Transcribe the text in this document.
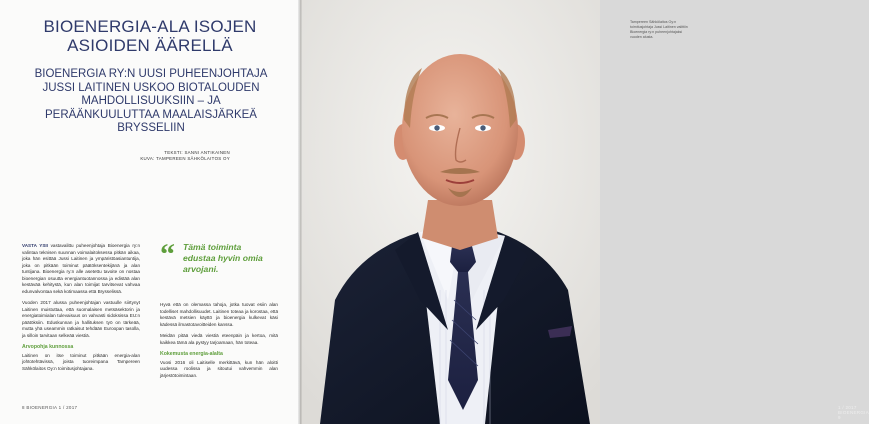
BIOENERGIA-ALA ISOJEN ASIOIDEN ÄÄRELLÄ
BIOENERGIA RY:N UUSI PUHEENJOHTAJA JUSSI LAITINEN USKOO BIOTALOUDEN MAHDOLLISUUKSIIN – JA PERÄÄNKUULUTTAA MAALAISJÄRKEÄ BRYSSELIIN
TEKSTI: SANNI ANTIKAINEN
KUVA: TAMPEREEN SÄHKÖLAITOS OY

VASTA YSII vastavalittu puheenjohtaja Bioenergia ry:n valintaa teknisen suunnan voimalaitoksessa pitkän aikaa, joka hän esittää Jussi Laitinen ja ympäristöasiantuntija, joka on pitkään toiminut päätöksentekijänä ja alan tuntijana. Bioenergia ry:n alle asetettu tavoite on nostaa bioenergian osuutta energiantuotannossa ja edistää alan kestävää kehitystä, kun alan toimijat tarvitsevat vahvaa edunvalvontaa sekä kotimaassa että Brysselissä.

Vuoden 2017 alussa puheenjohtajan vastuulle siirtynyt Laitinen muistuttaa, että suomalaisen metsäsektorin ja energiatoimialan tulevaisuus on vahvasti sidoksissa EU:n päätöksiin. Eduskunnan ja hallituksen työ on tärkeää, mutta yhä useammin ratkaisut tehdään Euroopan tasolla, ja silloin tarvitaan selkeää viestiä.

Arvopohja kunnossa

Laitinen on itse toiminut pitkään energia-alan johtotehtävissä, joista tuoreimpana Tampereen Sähkölaitos Oy:n toimitusjohtajana.

“ Tämä toiminta edustaa hyvin omia arvojani.

Hyvä että on olemassa tahoja, jotka tuovat esiin alan todelliset mahdollisuudet. Laitinen toteaa ja korostaa, että kestävä metsien käyttö ja bioenergia kulkevat käsi kädessä ilmastotavoitteiden kanssa.

Meidän pitää viedä viestiä eteenpäin ja kertoa, mitä kaikkea tämä ala pystyy tarjoamaan, hän toteaa.

Kokemusta energia-alalta

Vuosi 2016 oli Laitiselle merkittävä, kun hän aloitti uudessa roolissa ja sitoutui vahvemmin alan järjestötoimintaan.

8 BIOENERGIA 1 / 2017
Tampereen Sähkölaitos Oy:n toimitusjohtaja Jussi Laitinen valittiin Bioenergia ry:n puheenjohtajaksi vuoden alusta.
1 / 2017 BIOENERGIA 9
